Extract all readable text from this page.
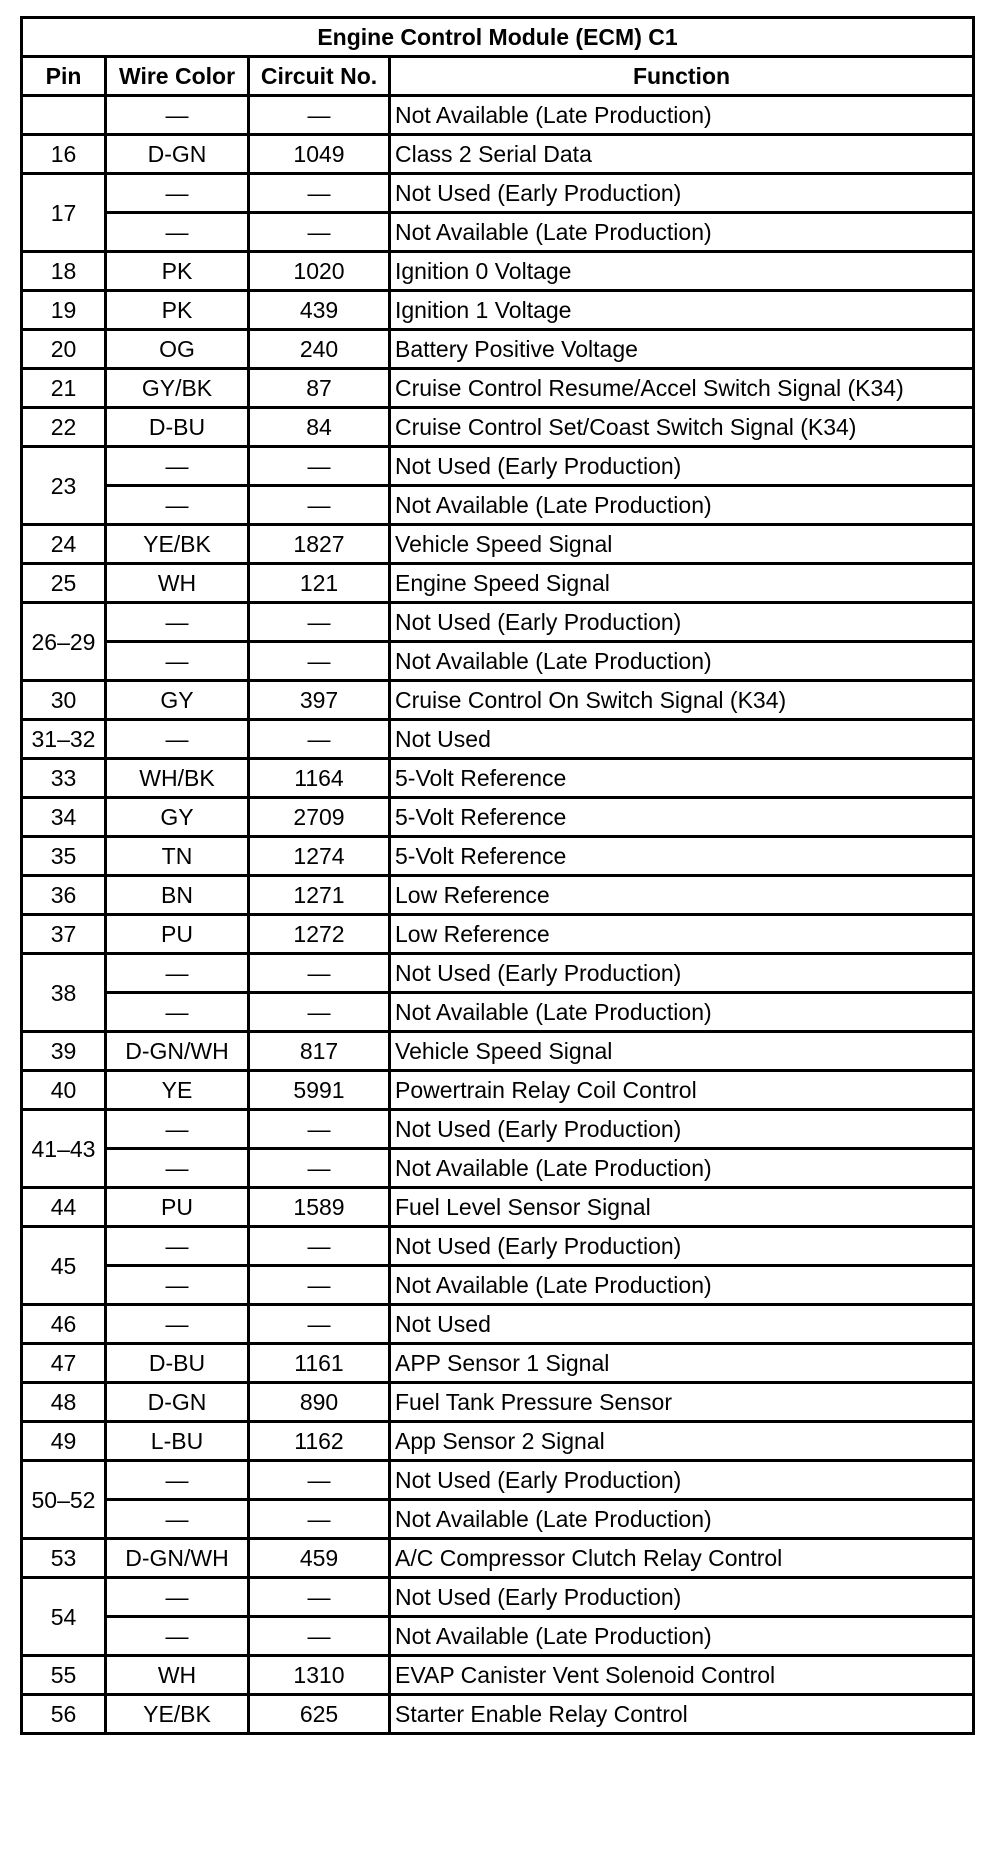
Engine Control Module (ECM) C1			
Pin	Wire Color	Circuit No.	Function
	—	—	Not Available (Late Production)
16	D-GN	1049	Class 2 Serial Data
17	—	—	Not Used (Early Production)
	—	—	Not Available (Late Production)
18	PK	1020	Ignition 0 Voltage
19	PK	439	Ignition 1 Voltage
20	OG	240	Battery Positive Voltage
21	GY/BK	87	Cruise Control Resume/Accel Switch Signal (K34)
22	D-BU	84	Cruise Control Set/Coast Switch Signal (K34)
23	—	—	Not Used (Early Production)
	—	—	Not Available (Late Production)
24	YE/BK	1827	Vehicle Speed Signal
25	WH	121	Engine Speed Signal
26–29	—	—	Not Used (Early Production)
	—	—	Not Available (Late Production)
30	GY	397	Cruise Control On Switch Signal (K34)
31–32	—	—	Not Used
33	WH/BK	1164	5-Volt Reference
34	GY	2709	5-Volt Reference
35	TN	1274	5-Volt Reference
36	BN	1271	Low Reference
37	PU	1272	Low Reference
38	—	—	Not Used (Early Production)
	—	—	Not Available (Late Production)
39	D-GN/WH	817	Vehicle Speed Signal
40	YE	5991	Powertrain Relay Coil Control
41–43	—	—	Not Used (Early Production)
	—	—	Not Available (Late Production)
44	PU	1589	Fuel Level Sensor Signal
45	—	—	Not Used (Early Production)
	—	—	Not Available (Late Production)
46	—	—	Not Used
47	D-BU	1161	APP Sensor 1 Signal
48	D-GN	890	Fuel Tank Pressure Sensor
49	L-BU	1162	App Sensor 2 Signal
50–52	—	—	Not Used (Early Production)
	—	—	Not Available (Late Production)
53	D-GN/WH	459	A/C Compressor Clutch Relay Control
54	—	—	Not Used (Early Production)
	—	—	Not Available (Late Production)
55	WH	1310	EVAP Canister Vent Solenoid Control
56	YE/BK	625	Starter Enable Relay Control
